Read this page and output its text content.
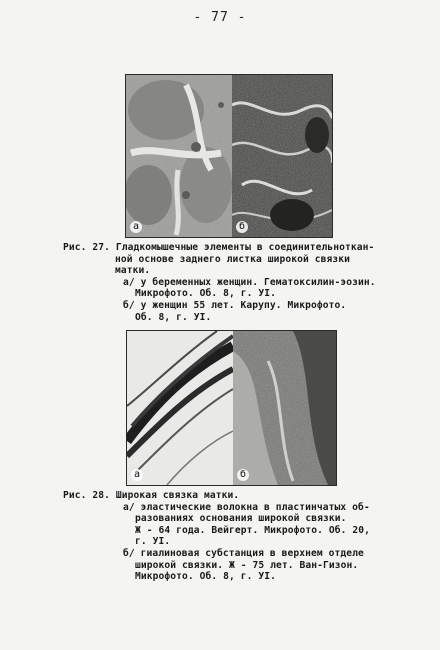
- 77 -
а	б
Рис. 27. Гладкомышечные элементы в соединительноткан-
ной основе заднего листка широкой связки
матки.
а/ у беременных женщин. Гематоксилин-эозин.
Микрофото. Об. 8, г. УI.
б/ у женщин 55 лет. Карупу. Микрофото.
Об. 8, г. УI.
а	б
Рис. 28. Широкая связка матки.
а/ эластические волокна в пластинчатых об-
разованиях основания широкой связки.
Ж - 64 года. Вейгерт. Микрофото. Об. 20,
г. УI.
б/ гиалиновая субстанция в верхнем отделе
широкой связки. Ж - 75 лет. Ван-Гизон.
Микрофото. Об. 8, г. УI.
